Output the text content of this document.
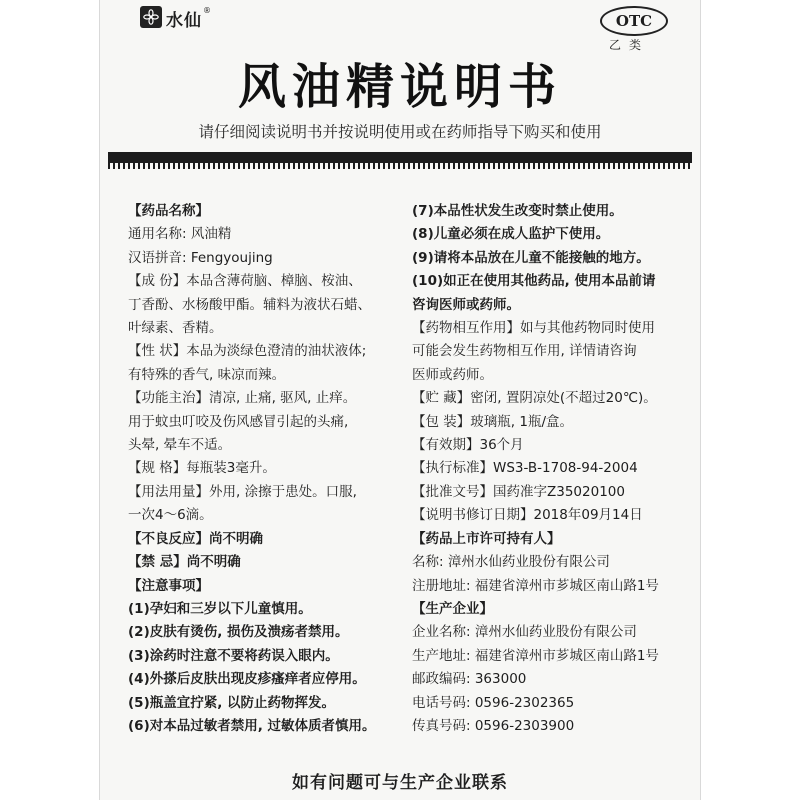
水仙
®
OTC
乙类
风油精说明书
请仔细阅读说明书并按说明使用或在药师指导下购买和使用
【药品名称】
通用名称: 风油精
汉语拼音: Fengyoujing
【成 份】本品含薄荷脑、樟脑、桉油、
丁香酚、水杨酸甲酯。辅料为液状石蜡、
叶绿素、香精。
【性 状】本品为淡绿色澄清的油状液体;
有特殊的香气, 味凉而辣。
【功能主治】清凉, 止痛, 驱风, 止痒。
用于蚊虫叮咬及伤风感冒引起的头痛,
头晕, 晕车不适。
【规 格】每瓶装3毫升。
【用法用量】外用, 涂擦于患处。口服,
一次4～6滴。
【不良反应】尚不明确
【禁 忌】尚不明确
【注意事项】
(1)孕妇和三岁以下儿童慎用。
(2)皮肤有烫伤, 损伤及溃疡者禁用。
(3)涂药时注意不要将药误入眼内。
(4)外搽后皮肤出现皮疹瘙痒者应停用。
(5)瓶盖宜拧紧, 以防止药物挥发。
(6)对本品过敏者禁用, 过敏体质者慎用。
(7)本品性状发生改变时禁止使用。
(8)儿童必须在成人监护下使用。
(9)请将本品放在儿童不能接触的地方。
(10)如正在使用其他药品, 使用本品前请
咨询医师或药师。
【药物相互作用】如与其他药物同时使用
可能会发生药物相互作用, 详情请咨询
医师或药师。
【贮 藏】密闭, 置阴凉处(不超过20℃)。
【包 装】玻璃瓶, 1瓶/盒。
【有效期】36个月
【执行标准】WS3-B-1708-94-2004
【批准文号】国药准字Z35020100
【说明书修订日期】2018年09月14日
【药品上市许可持有人】
名称: 漳州水仙药业股份有限公司
注册地址: 福建省漳州市芗城区南山路1号
【生产企业】
企业名称: 漳州水仙药业股份有限公司
生产地址: 福建省漳州市芗城区南山路1号
邮政编码: 363000
电话号码: 0596-2302365
传真号码: 0596-2303900
如有问题可与生产企业联系
